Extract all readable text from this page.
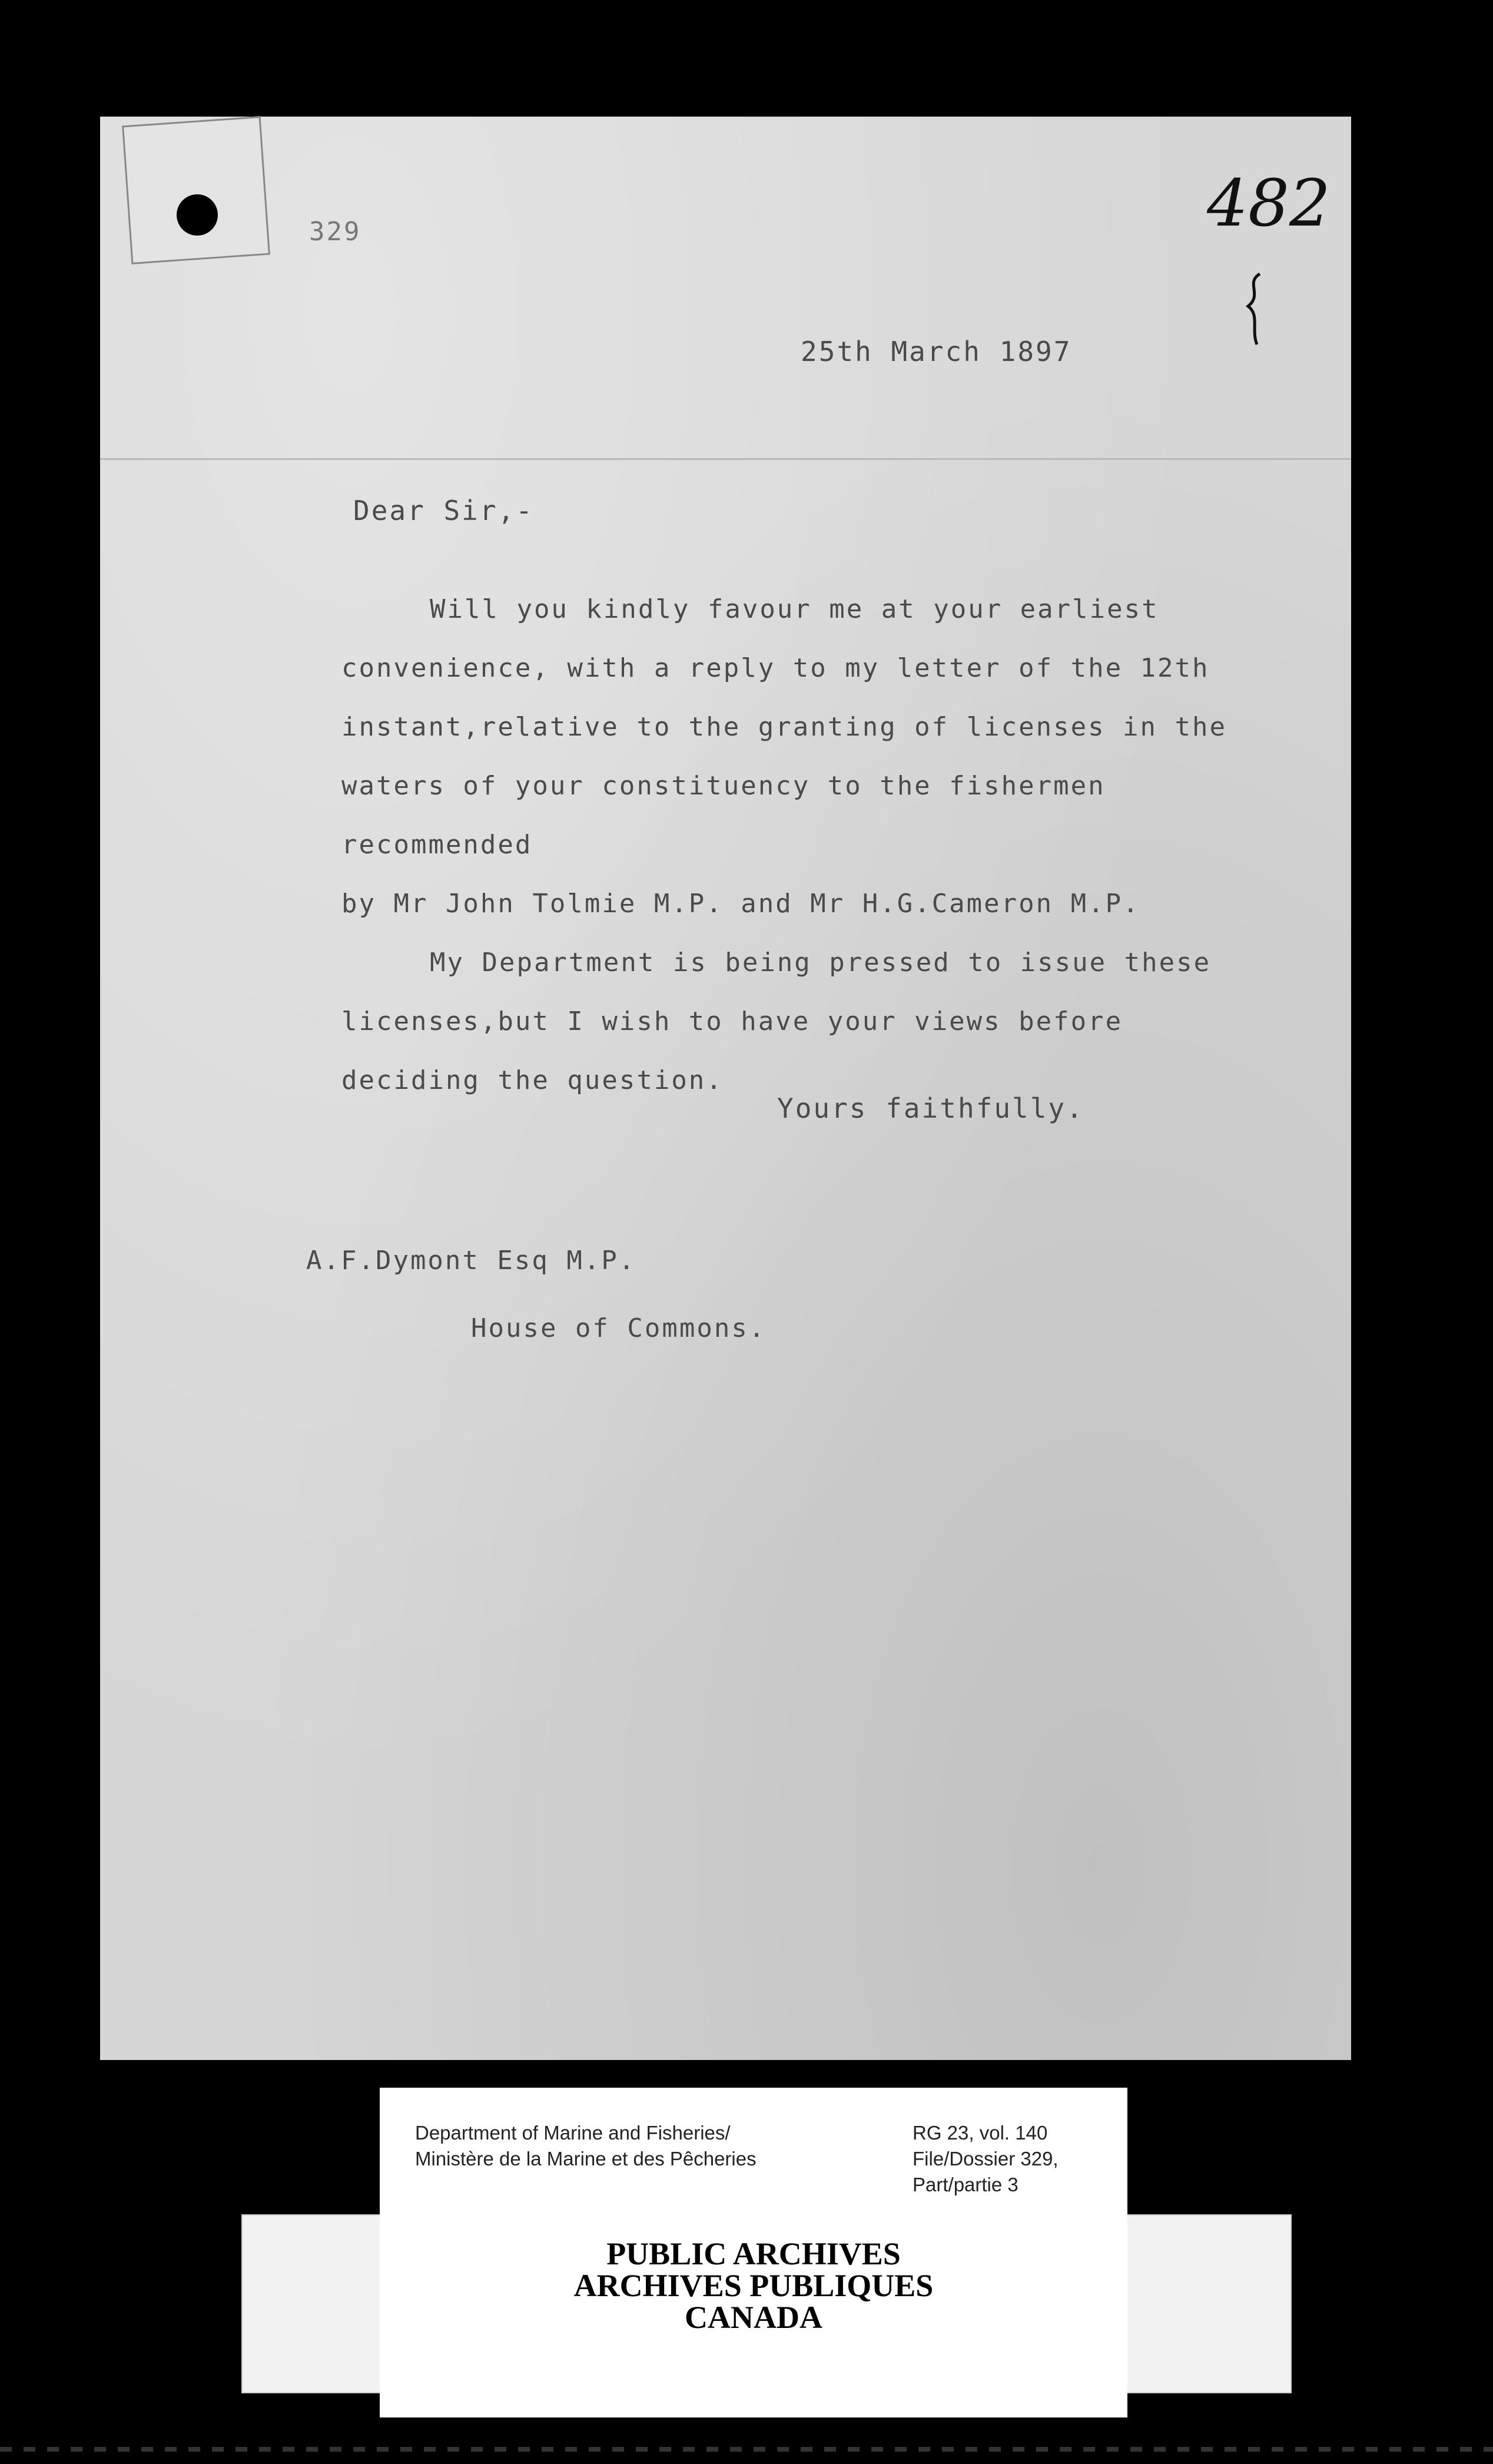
329	482
25th March 1897
Dear Sir,-

Will you kindly favour me at your earliest

convenience, with a reply to my letter of the 12th

instant,relative to the granting of licenses in the

waters of your constituency to the fishermen recommended

by Mr John Tolmie M.P. and Mr H.G.Cameron M.P.

My Department is being pressed to issue these

licenses,but I wish to have your views before

deciding the question.

Yours faithfully.
A.F.Dymont Esq M.P.
House of Commons.
Department of Marine and Fisheries/
Ministère de la Marine et des Pêcheries
RG 23, vol. 140
File/Dossier 329,
Part/partie 3
PUBLIC ARCHIVES
ARCHIVES PUBLIQUES
CANADA
